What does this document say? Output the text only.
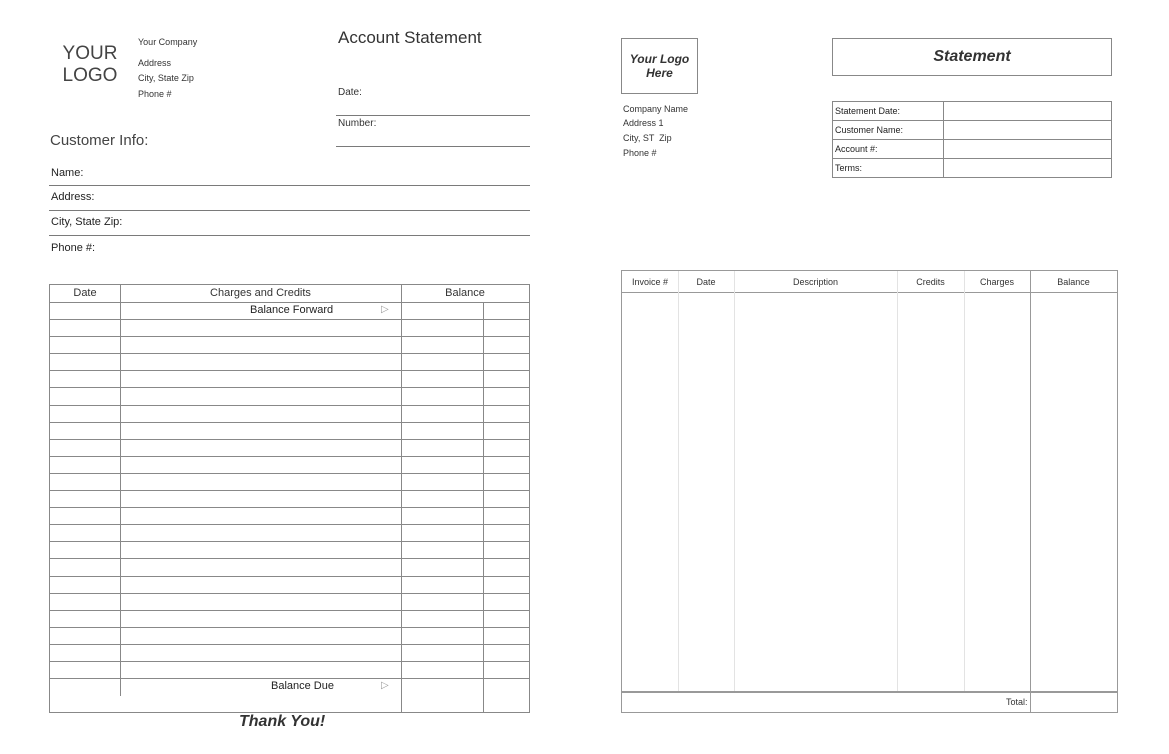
YOUR
LOGO
Your Company
Address
City, State Zip
Phone #
Account Statement
Date:
Number:
Customer Info:
Name:
Address:
City, State Zip:
Phone #:
Date	Charges and Credits	Balance
Balance Forward	▷
Balance Due	▷
Thank You!
Your Logo
Here
Company Name
Address 1
City, ST  Zip
Phone #
Statement
Statement Date:	
Customer Name:	
Account #:	
Terms:	
Invoice #	Date	Description	Credits	Charges	Balance
Total:
